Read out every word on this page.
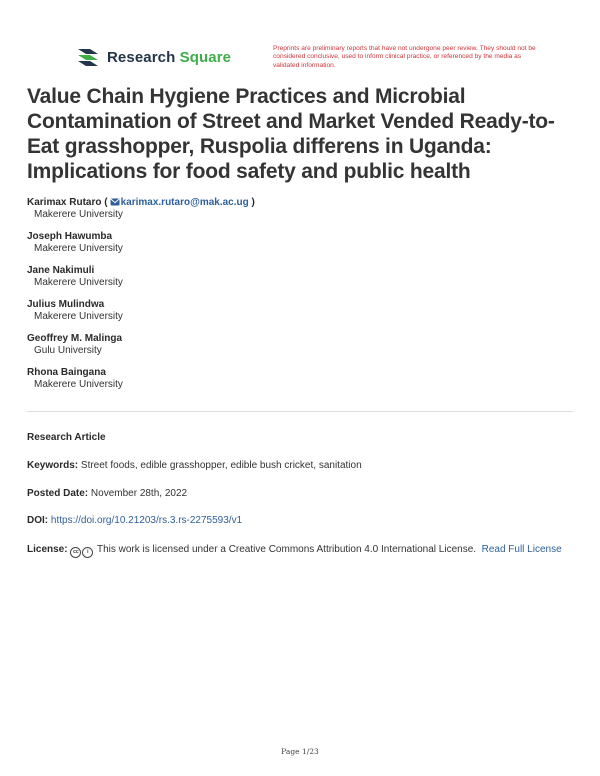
Research Square	Preprints are preliminary reports that have not undergone peer review. They should not be considered conclusive, used to inform clinical practice, or referenced by the media as validated information.
Value Chain Hygiene Practices and Microbial Contamination of Street and Market Vended Ready-to-Eat grasshopper, Ruspolia differens in Uganda: Implications for food safety and public health
Karimax Rutaro ( karimax.rutaro@mak.ac.ug )
Makerere University
Joseph Hawumba
Makerere University
Jane Nakimuli
Makerere University
Julius Mulindwa
Makerere University
Geoffrey M. Malinga
Gulu University
Rhona Baingana
Makerere University
Research Article
Keywords: Street foods, edible grasshopper, edible bush cricket, sanitation
Posted Date: November 28th, 2022
DOI: https://doi.org/10.21203/rs.3.rs-2275593/v1
License: cc i This work is licensed under a Creative Commons Attribution 4.0 International License. Read Full License
Page 1/23
